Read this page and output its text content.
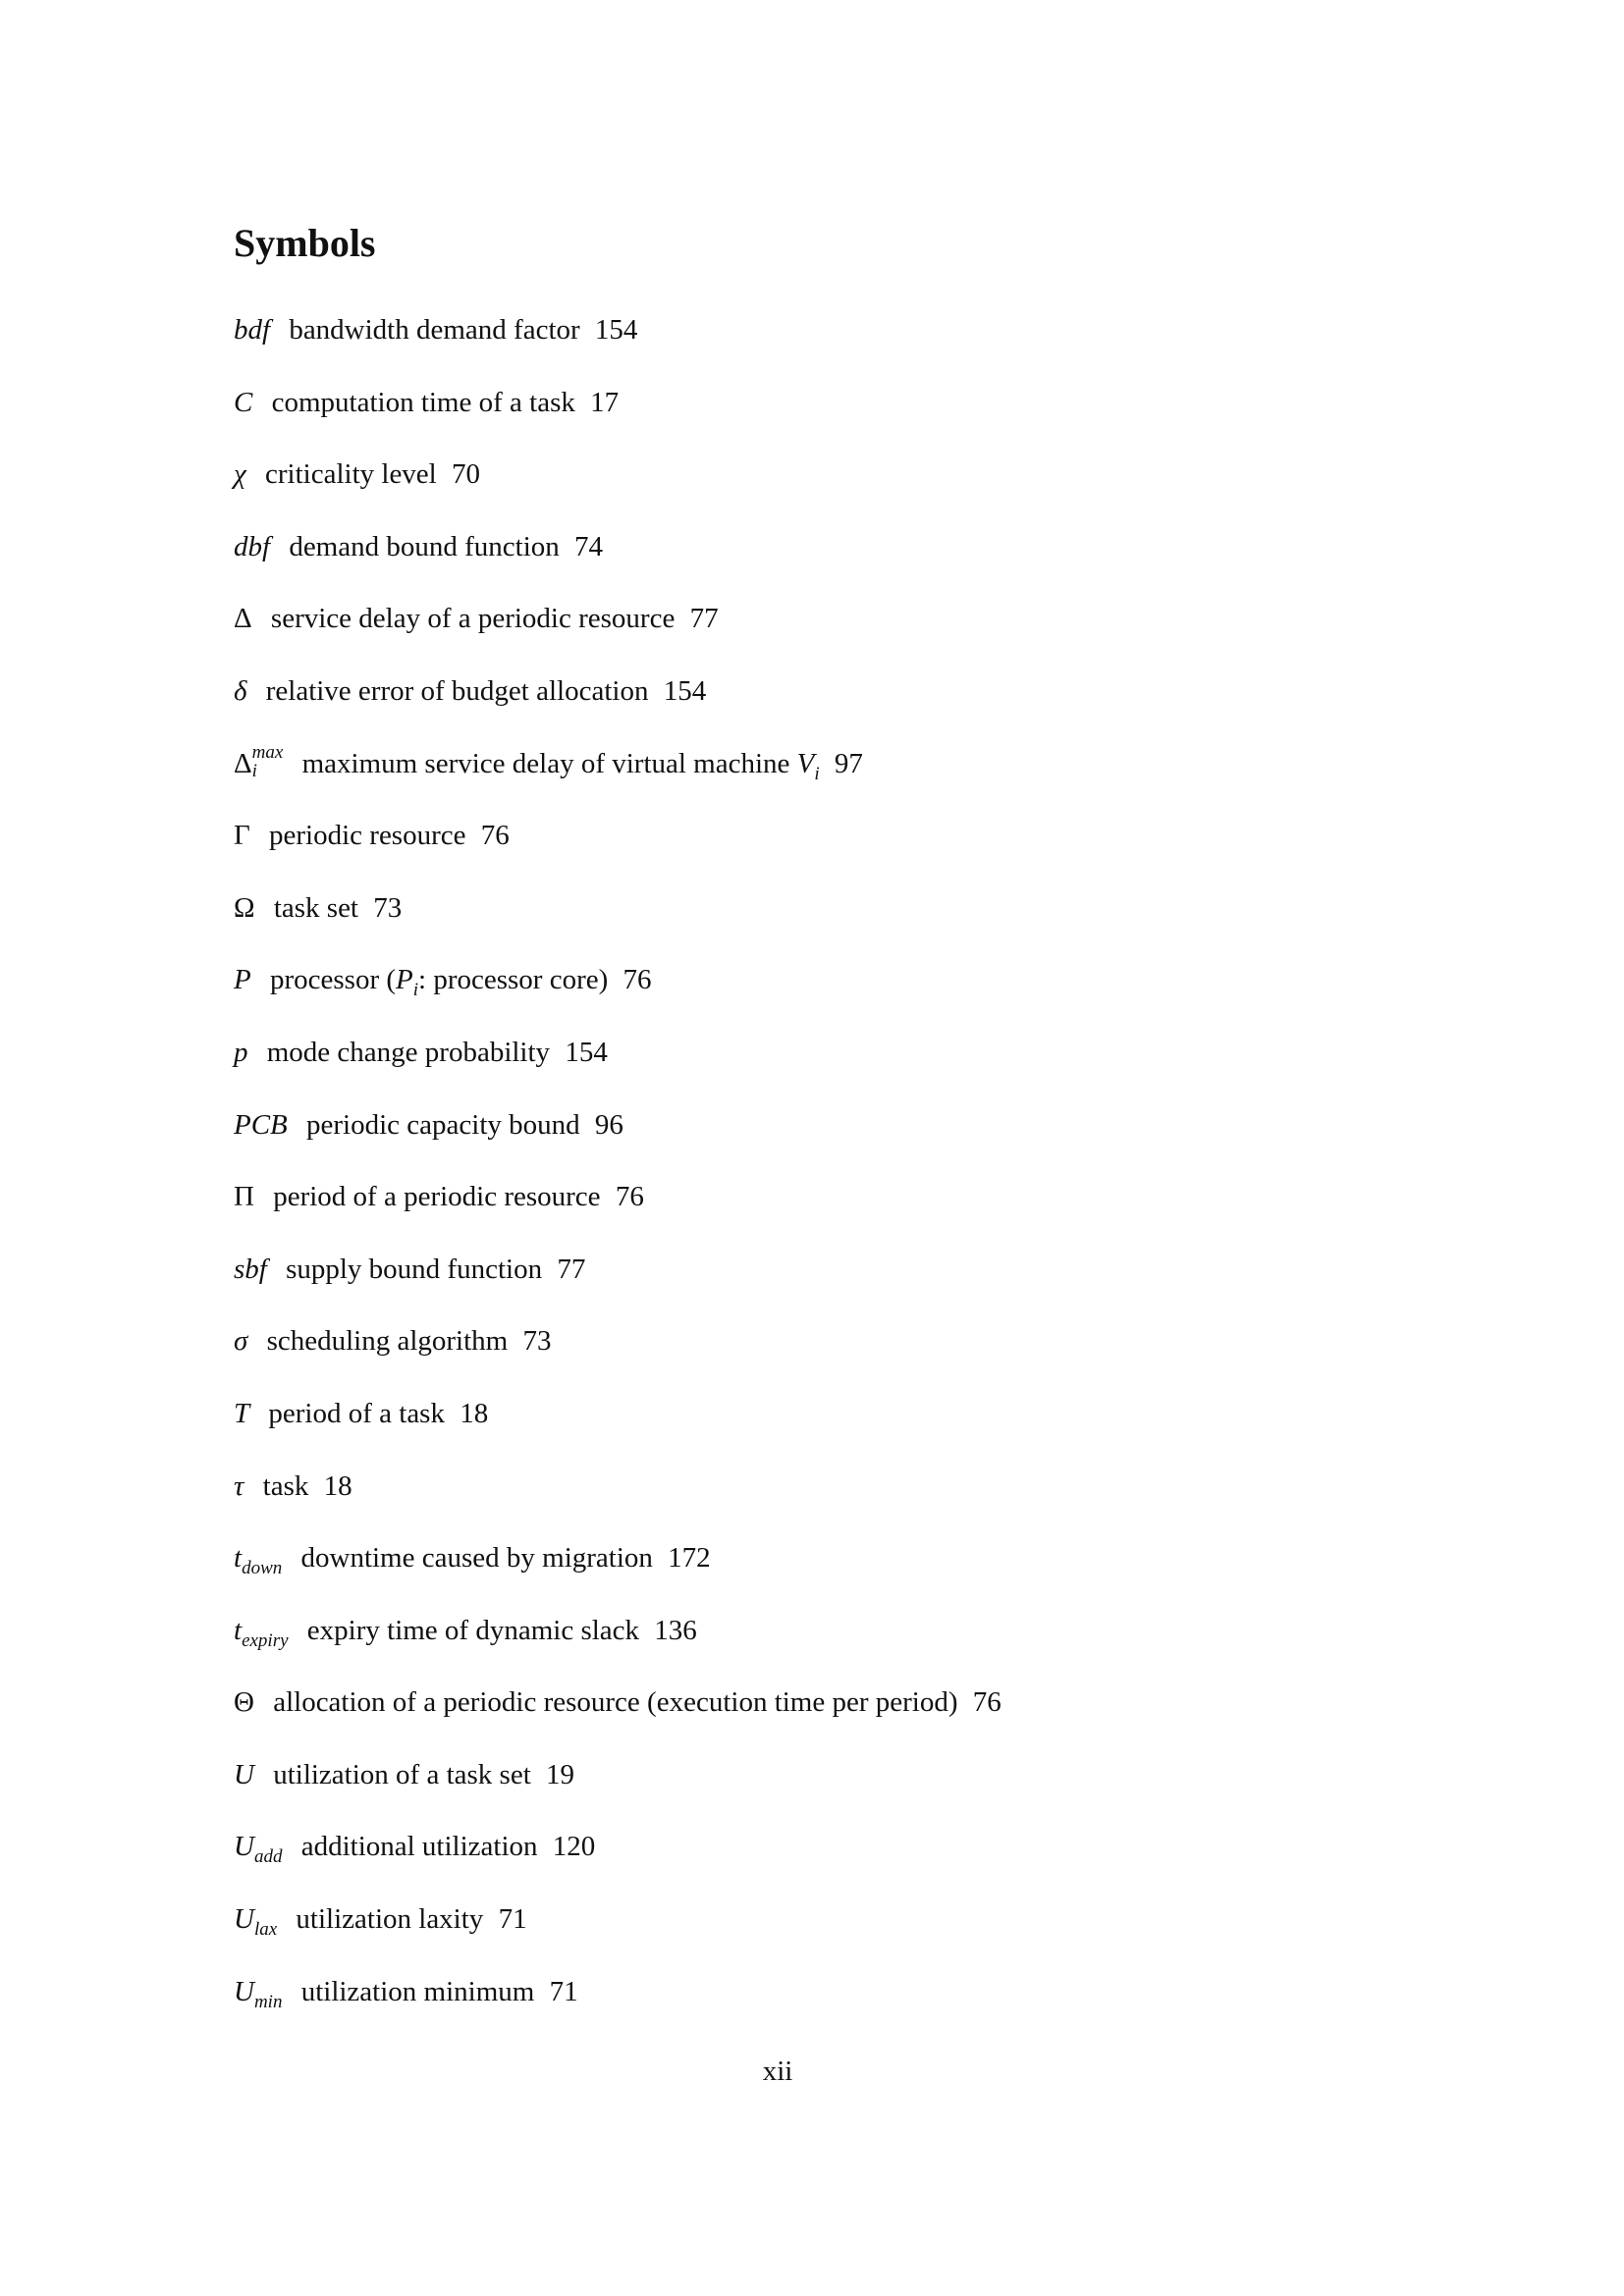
Symbols
bdf bandwidth demand factor 154
C computation time of a task 17
χ criticality level 70
dbf demand bound function 74
Δ service delay of a periodic resource 77
δ relative error of budget allocation 154
Δ max
i	maximum service delay of virtual machine $V_i$ 97
Γ periodic resource 76
Ω task set 73
P processor ($P_i$: processor core) 76
p mode change probability 154
PCB periodic capacity bound 96
Π period of a periodic resource 76
sbf supply bound function 77
σ scheduling algorithm 73
T period of a task 18
τ task 18
$t_{down}$ downtime caused by migration 172
$t_{expiry}$ expiry time of dynamic slack 136
Θ allocation of a periodic resource (execution time per period) 76
U utilization of a task set 19
$U_{add}$ additional utilization 120
$U_{lax}$ utilization laxity 71
$U_{min}$ utilization minimum 71
xii
